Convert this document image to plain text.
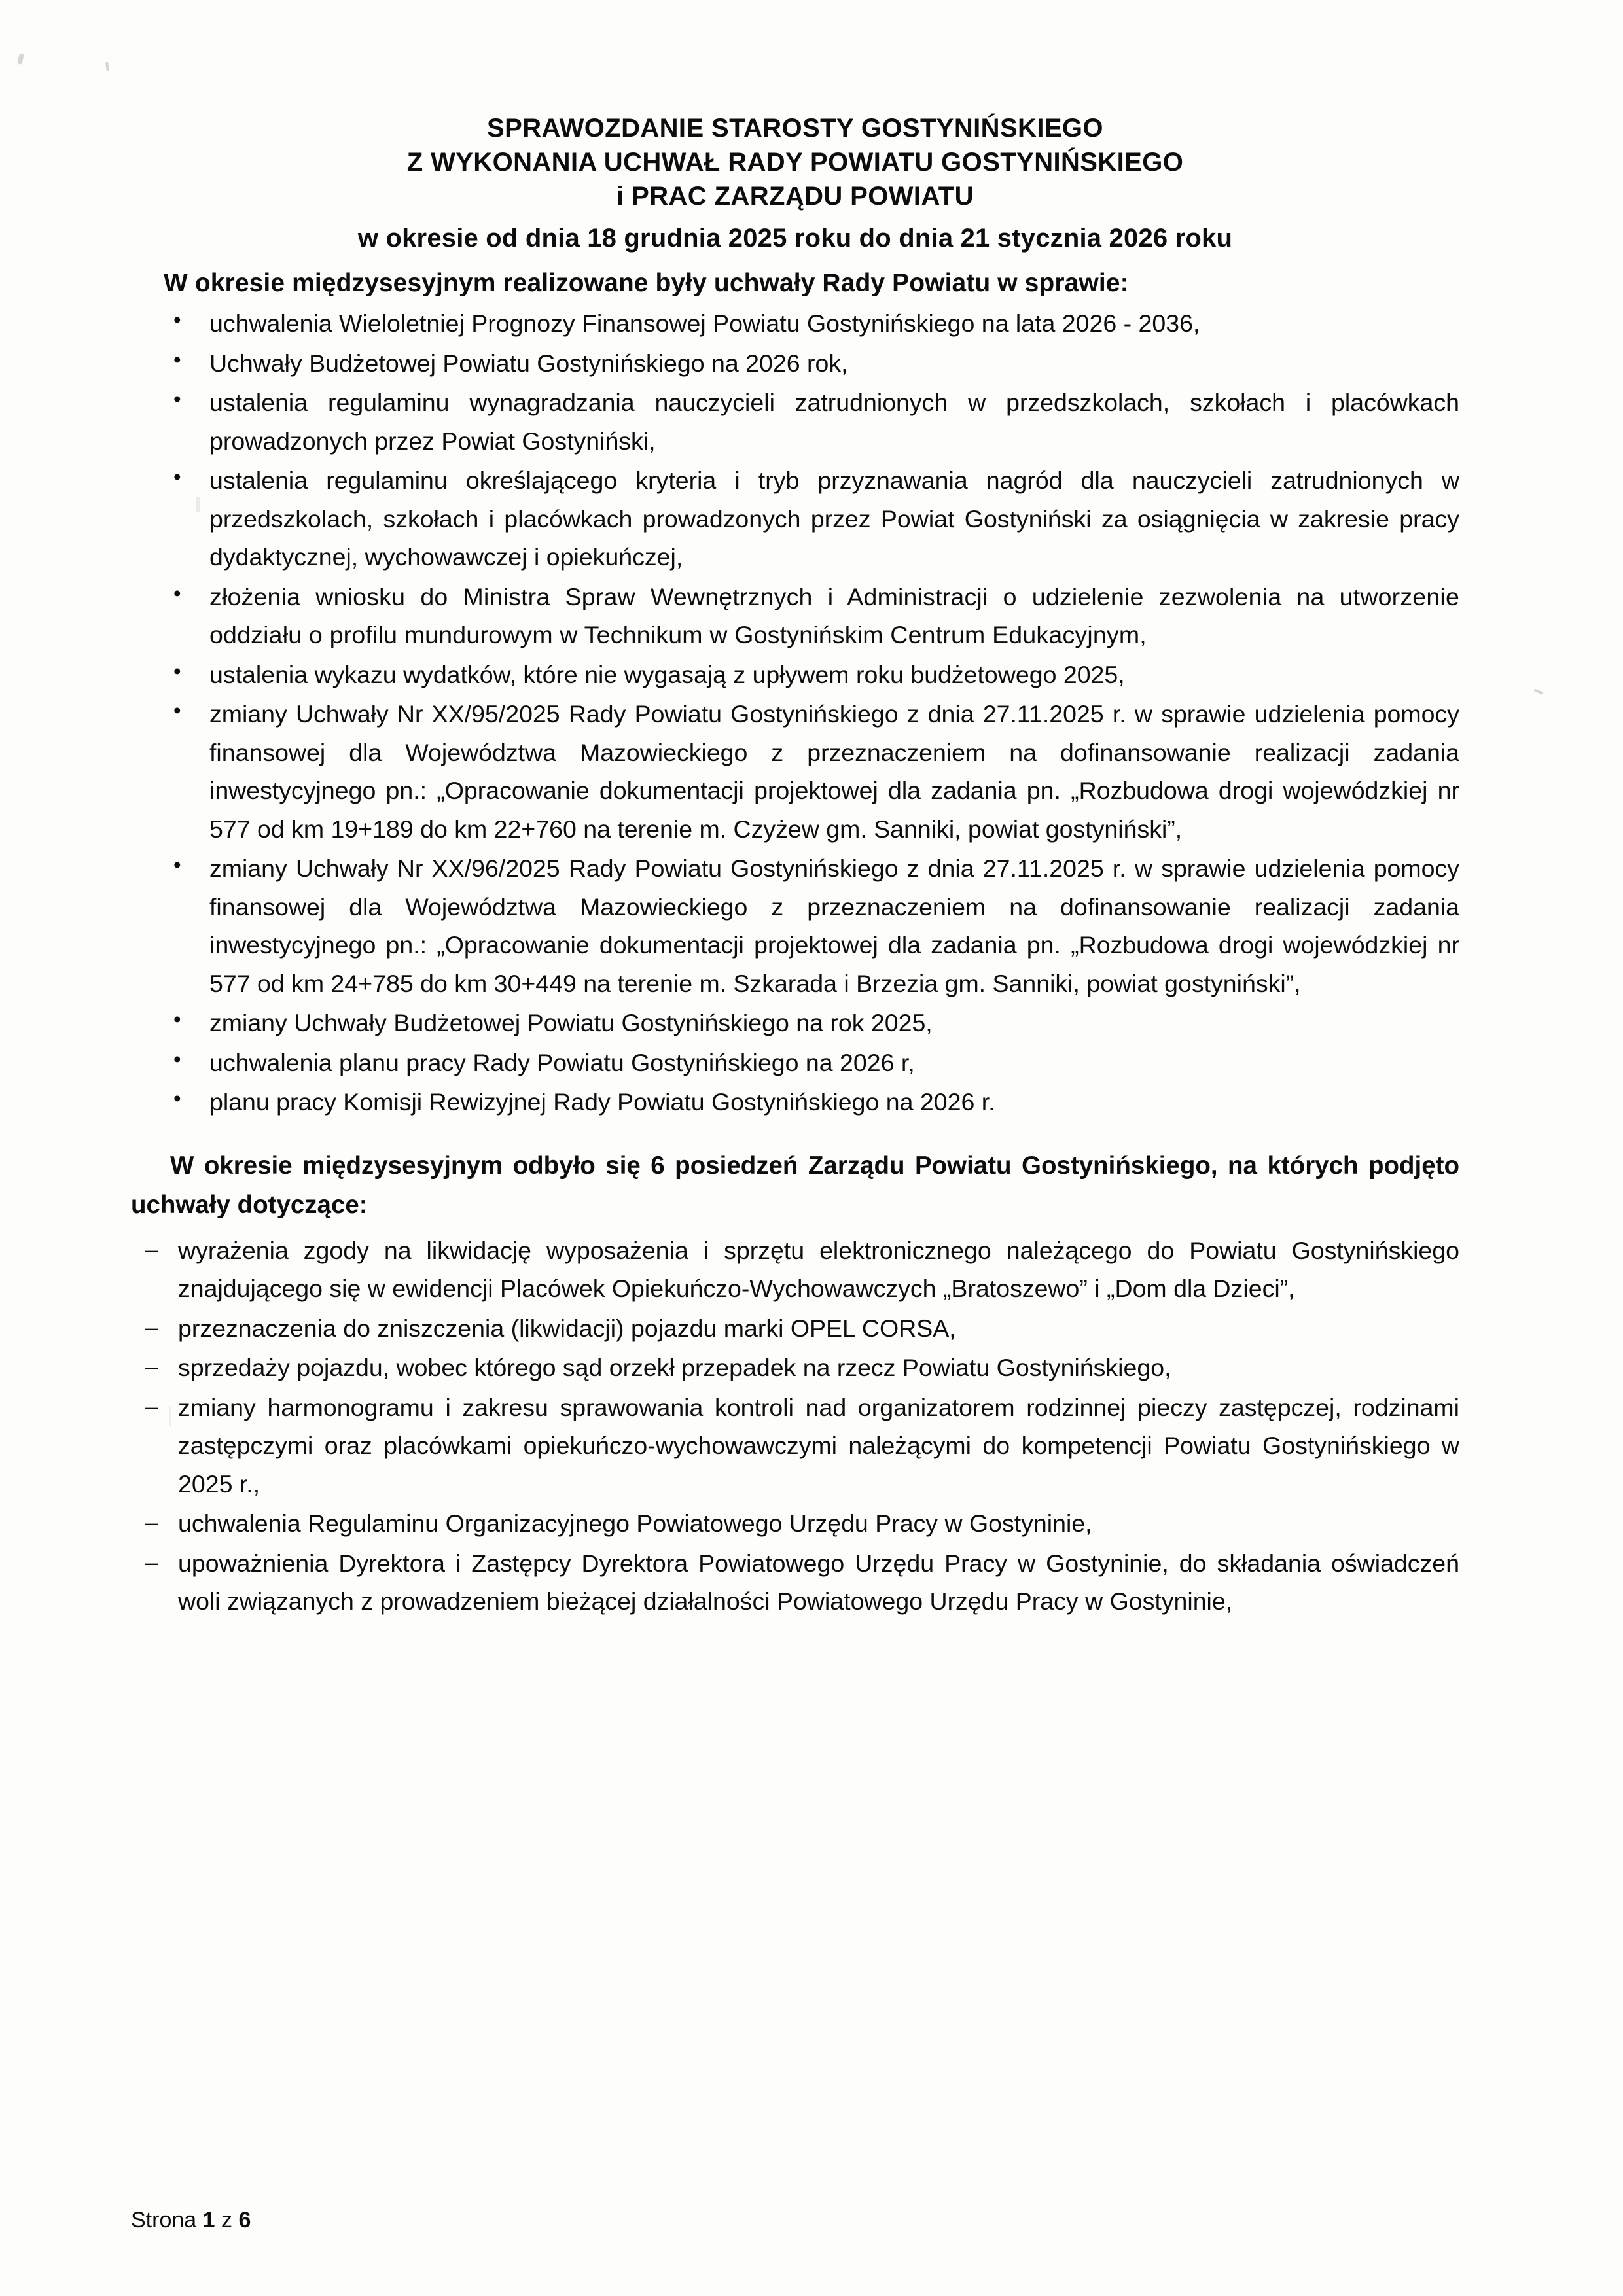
SPRAWOZDANIE STAROSTY GOSTYNIŃSKIEGO
Z WYKONANIA UCHWAŁ RADY POWIATU GOSTYNIŃSKIEGO
i PRAC ZARZĄDU POWIATU
w okresie od dnia 18 grudnia 2025 roku do dnia 21 stycznia 2026 roku
W okresie międzysesyjnym realizowane były uchwały Rady Powiatu w sprawie:
• uchwalenia Wieloletniej Prognozy Finansowej Powiatu Gostynińskiego na lata 2026 - 2036,
• Uchwały Budżetowej Powiatu Gostynińskiego na 2026 rok,
• ustalenia regulaminu wynagradzania nauczycieli zatrudnionych w przedszkolach, szkołach i placówkach prowadzonych przez Powiat Gostyniński,
• ustalenia regulaminu określającego kryteria i tryb przyznawania nagród dla nauczycieli zatrudnionych w przedszkolach, szkołach i placówkach prowadzonych przez Powiat Gostyniński za osiągnięcia w zakresie pracy dydaktycznej, wychowawczej i opiekuńczej,
• złożenia wniosku do Ministra Spraw Wewnętrznych i Administracji o udzielenie zezwolenia na utworzenie oddziału o profilu mundurowym w Technikum w Gostynińskim Centrum Edukacyjnym,
• ustalenia wykazu wydatków, które nie wygasają z upływem roku budżetowego 2025,
• zmiany Uchwały Nr XX/95/2025 Rady Powiatu Gostynińskiego z dnia 27.11.2025 r. w sprawie udzielenia pomocy finansowej dla Województwa Mazowieckiego z przeznaczeniem na dofinansowanie realizacji zadania inwestycyjnego pn.: „Opracowanie dokumentacji projektowej dla zadania pn. „Rozbudowa drogi wojewódzkiej nr 577 od km 19+189 do km 22+760 na terenie m. Czyżew gm. Sanniki, powiat gostyniński”,
• zmiany Uchwały Nr XX/96/2025 Rady Powiatu Gostynińskiego z dnia 27.11.2025 r. w sprawie udzielenia pomocy finansowej dla Województwa Mazowieckiego z przeznaczeniem na dofinansowanie realizacji zadania inwestycyjnego pn.: „Opracowanie dokumentacji projektowej dla zadania pn. „Rozbudowa drogi wojewódzkiej nr 577 od km 24+785 do km 30+449 na terenie m. Szkarada i Brzezia gm. Sanniki, powiat gostyniński”,
• zmiany Uchwały Budżetowej Powiatu Gostynińskiego na rok 2025,
• uchwalenia planu pracy Rady Powiatu Gostynińskiego na 2026 r,
• planu pracy Komisji Rewizyjnej Rady Powiatu Gostynińskiego na 2026 r.
W okresie międzysesyjnym odbyło się 6 posiedzeń Zarządu Powiatu Gostynińskiego, na których podjęto uchwały dotyczące:
– wyrażenia zgody na likwidację wyposażenia i sprzętu elektronicznego należącego do Powiatu Gostynińskiego znajdującego się w ewidencji Placówek Opiekuńczo-Wychowawczych „Bratoszewo” i „Dom dla Dzieci”,
– przeznaczenia do zniszczenia (likwidacji) pojazdu marki OPEL CORSA,
– sprzedaży pojazdu, wobec którego sąd orzekł przepadek na rzecz Powiatu Gostynińskiego,
– zmiany harmonogramu i zakresu sprawowania kontroli nad organizatorem rodzinnej pieczy zastępczej, rodzinami zastępczymi oraz placówkami opiekuńczo-wychowawczymi należącymi do kompetencji Powiatu Gostynińskiego w 2025 r.,
– uchwalenia Regulaminu Organizacyjnego Powiatowego Urzędu Pracy w Gostyninie,
– upoważnienia Dyrektora i Zastępcy Dyrektora Powiatowego Urzędu Pracy w Gostyninie, do składania oświadczeń woli związanych z prowadzeniem bieżącej działalności Powiatowego Urzędu Pracy w Gostyninie,
Strona 1 z 6
